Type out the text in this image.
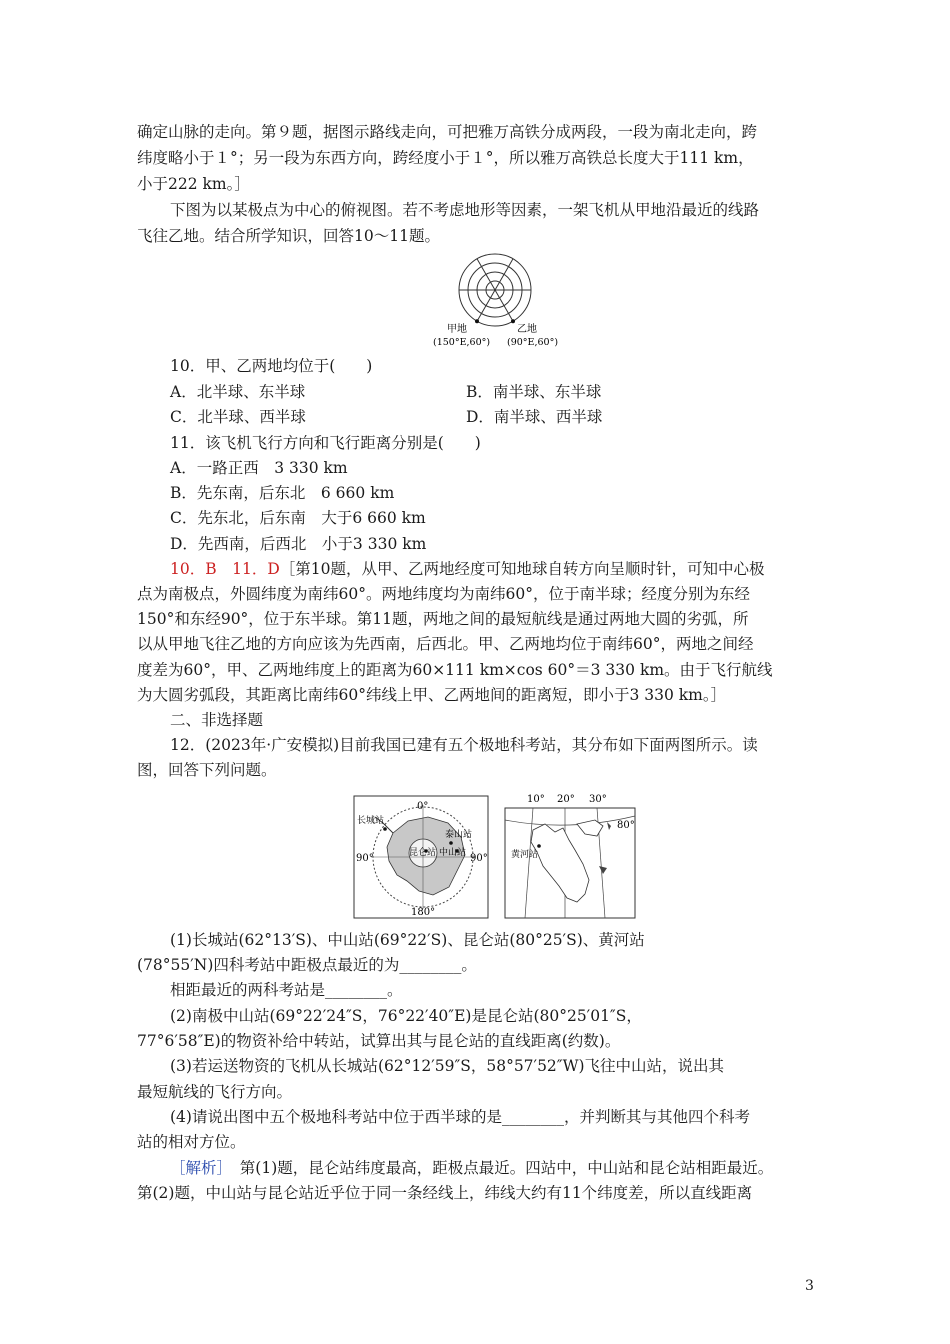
确定山脉的走向。第９题，据图示路线走向，可把雅万高铁分成两段，一段为南北走向，跨
纬度略小于１°；另一段为东西方向，跨经度小于１°，所以雅万高铁总长度大于111 km，
小于222 km。］
下图为以某极点为中心的俯视图。若不考虑地形等因素，一架飞机从甲地沿最近的线路
飞往乙地。结合所学知识，回答10～11题。
甲地
(150°E,60°)
乙地
(90°E,60°)
10．甲、乙两地均位于(　　)
A．北半球、东半球	B．南半球、东半球
C．北半球、西半球	D．南半球、西半球
11．该飞机飞行方向和飞行距离分别是(　　)
A．一路正西　3 330 km
B．先东南，后东北　6 660 km
C．先东北，后东南　大于6 660 km
D．先西南，后西北　小于3 330 km
10．B　11．D［第10题，从甲、乙两地经度可知地球自转方向呈顺时针，可知中心极
点为南极点，外圆纬度为南纬60°。两地纬度均为南纬60°，位于南半球；经度分别为东经
150°和东经90°，位于东半球。第11题，两地之间的最短航线是通过两地大圆的劣弧，所
以从甲地飞往乙地的方向应该为先西南，后西北。甲、乙两地均位于南纬60°，两地之间经
度差为60°，甲、乙两地纬度上的距离为60×111 km×cos 60°＝3 330 km。由于飞行航线
为大圆劣弧段，其距离比南纬60°纬线上甲、乙两地间的距离短，即小于3 330 km。］
二、非选择题
12．(2023年·广安模拟)目前我国已建有五个极地科考站，其分布如下面两图所示。读
图，回答下列问题。
0°
180°
90°	90°
长城站
泰山站
昆仑站 中山站
10° 20° 30°
80°
黄河站
(1)长城站(62°13′S)、中山站(69°22′S)、昆仑站(80°25′S)、黄河站
(78°55′N)四科考站中距极点最近的为________。
相距最近的两科考站是________。
(2)南极中山站(69°22′24″S，76°22′40″E)是昆仑站(80°25′01″S，
77°6′58″E)的物资补给中转站，试算出其与昆仑站的直线距离(约数)。
(3)若运送物资的飞机从长城站(62°12′59″S，58°57′52″W)飞往中山站，说出其
最短航线的飞行方向。
(4)请说出图中五个极地科考站中位于西半球的是________，并判断其与其他四个科考
站的相对方位。
［解析］　 第(1)题，昆仑站纬度最高，距极点最近。四站中，中山站和昆仑站相距最近。
第(2)题，中山站与昆仑站近乎位于同一条经线上，纬线大约有11个纬度差，所以直线距离
3
